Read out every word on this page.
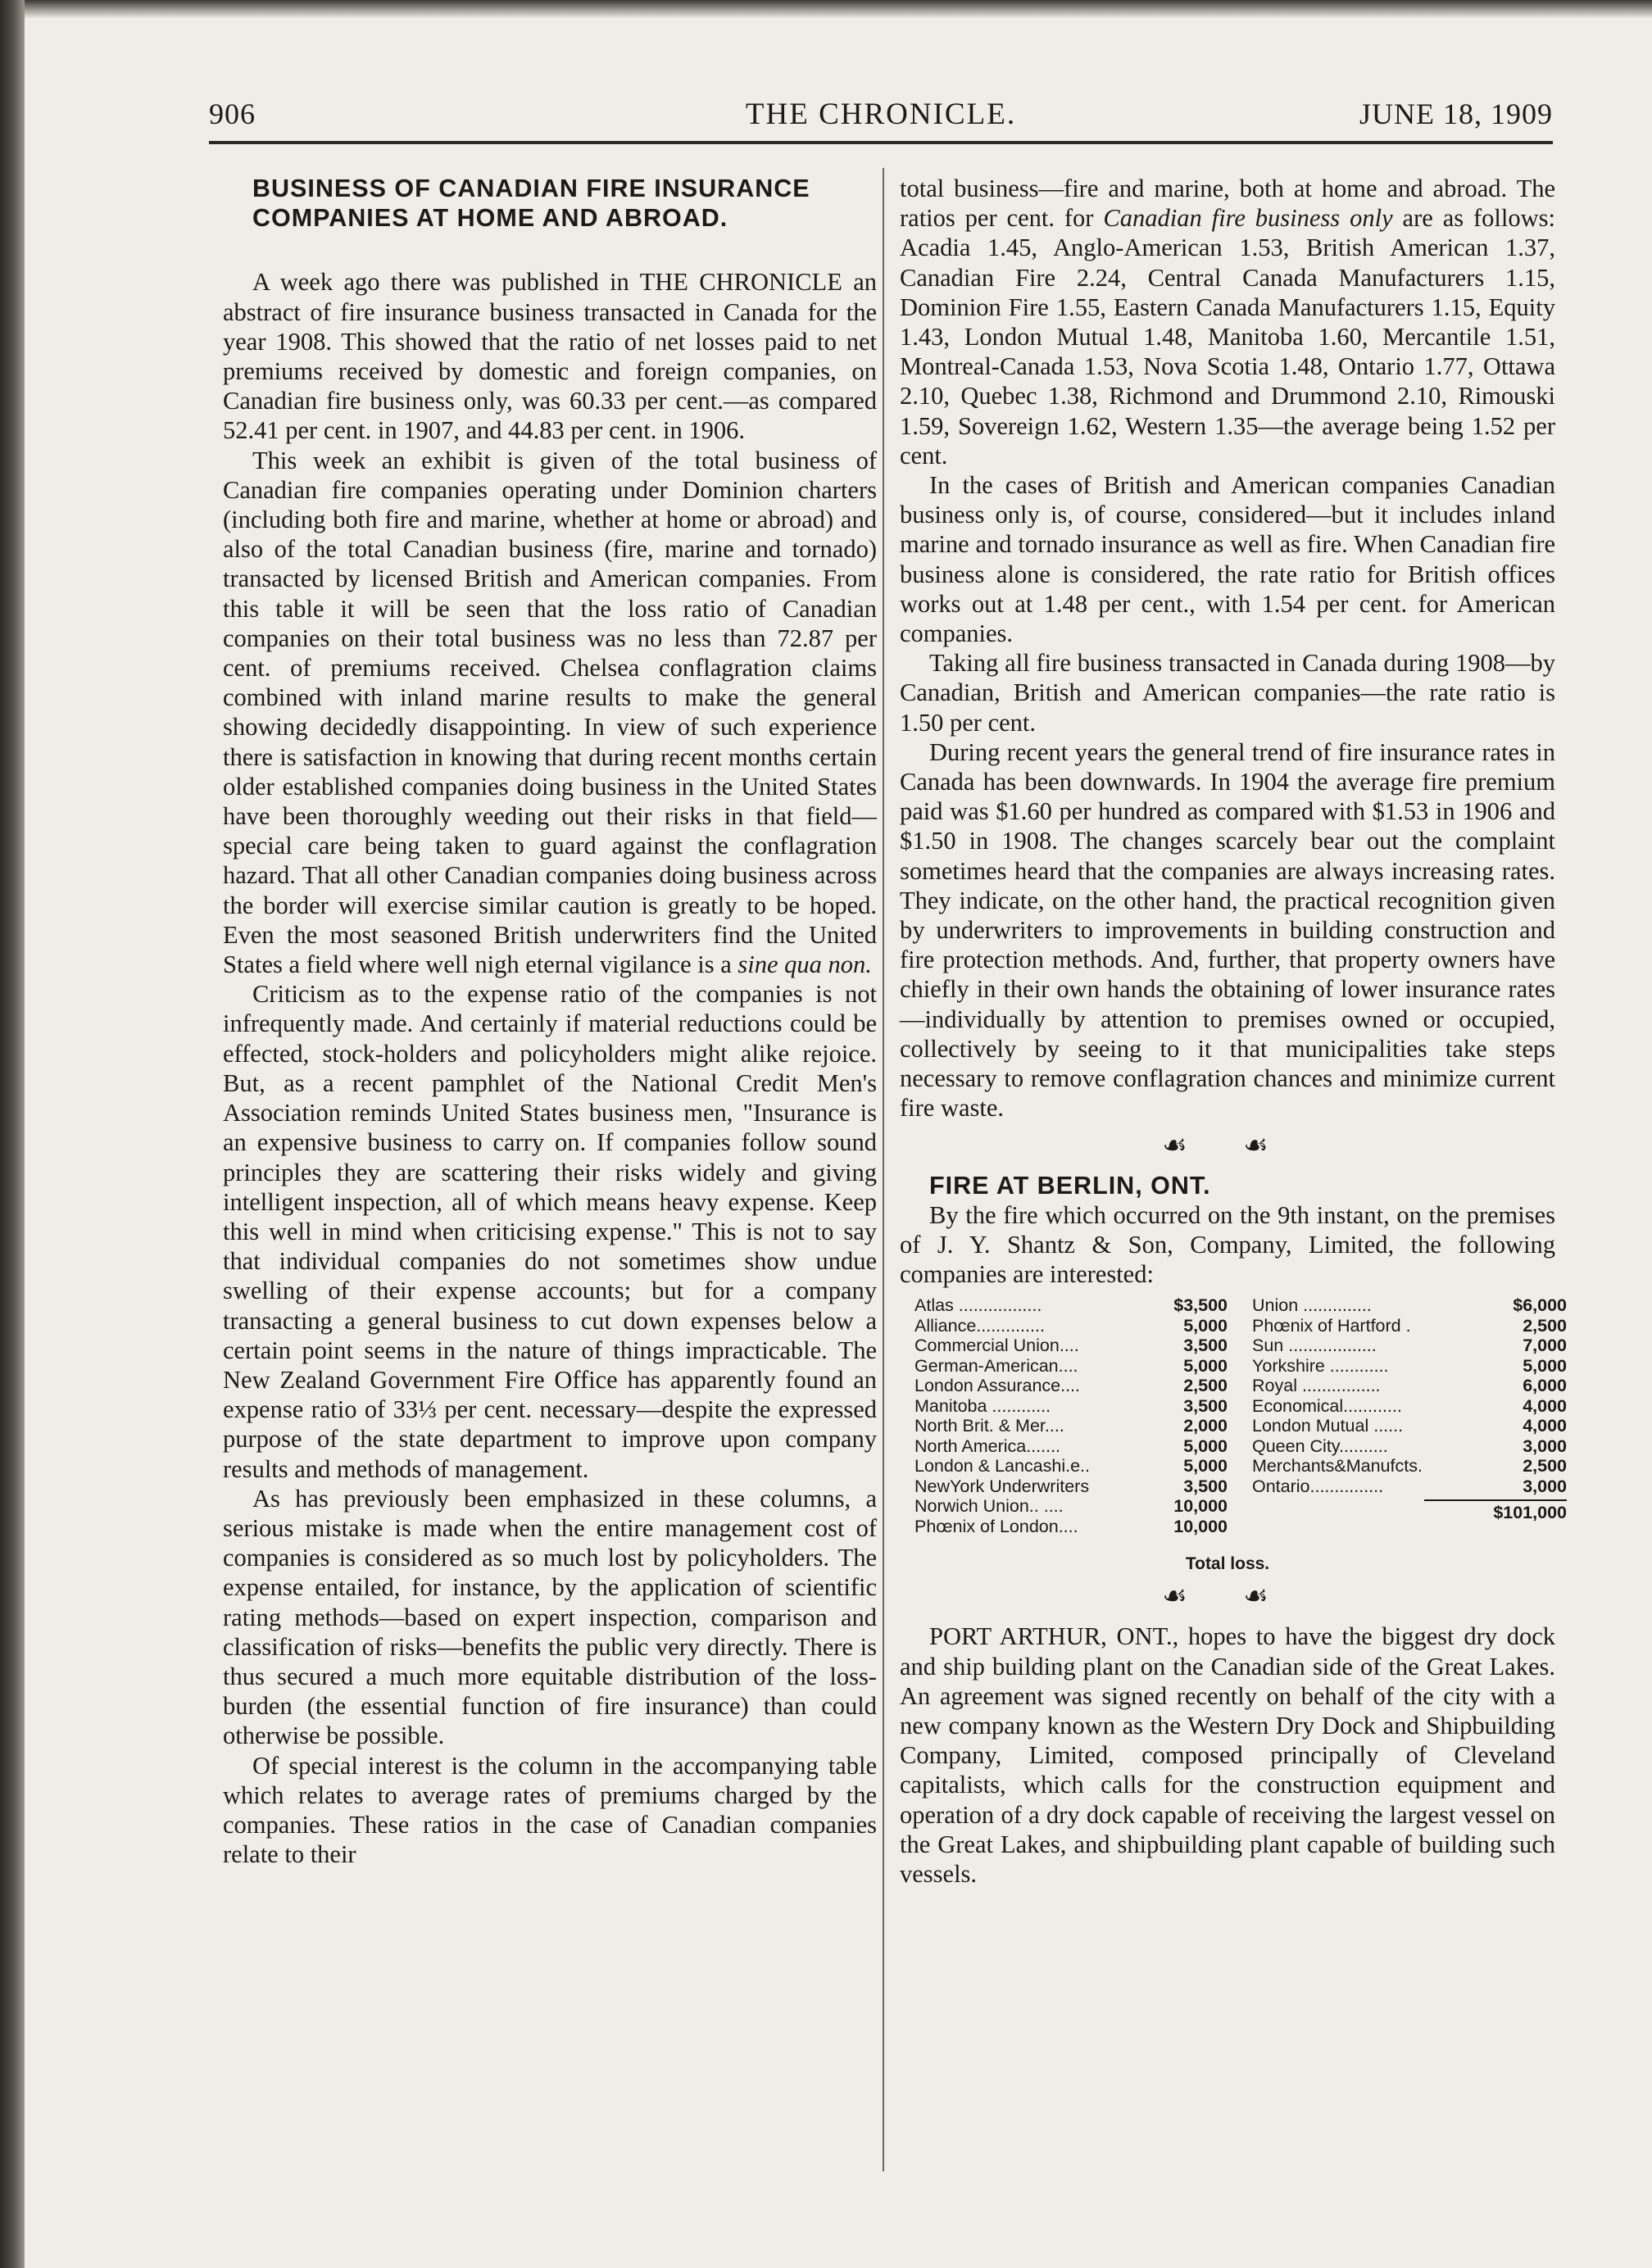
906	THE CHRONICLE.	JUNE 18, 1909

BUSINESS OF CANADIAN FIRE INSURANCE

COMPANIES AT HOME AND ABROAD.

A week ago there was published in THE CHRONICLE an abstract of fire insurance business transacted in Canada for the year 1908. This showed that the ratio of net losses paid to net premiums received by domestic and foreign companies, on Canadian fire business only, was 60.33 per cent.—as compared 52.41 per cent. in 1907, and 44.83 per cent. in 1906.

This week an exhibit is given of the total business of Canadian fire companies operating under Dominion charters (including both fire and marine, whether at home or abroad) and also of the total Canadian business (fire, marine and tornado) transacted by licensed British and American companies. From this table it will be seen that the loss ratio of Canadian companies on their total business was no less than 72.87 per cent. of premiums received. Chelsea conflagration claims combined with inland marine results to make the general showing decidedly disappointing. In view of such experience there is satisfaction in knowing that during recent months certain older established companies doing business in the United States have been thoroughly weeding out their risks in that field—special care being taken to guard against the conflagration hazard. That all other Canadian companies doing business across the border will exercise similar caution is greatly to be hoped. Even the most seasoned British underwriters find the United States a field where well nigh eternal vigilance is a sine qua non.

Criticism as to the expense ratio of the companies is not infrequently made. And certainly if material reductions could be effected, stock-holders and policyholders might alike rejoice. But, as a recent pamphlet of the National Credit Men's Association reminds United States business men, "Insurance is an expensive business to carry on. If companies follow sound principles they are scattering their risks widely and giving intelligent inspection, all of which means heavy expense. Keep this well in mind when criticising expense." This is not to say that individual companies do not sometimes show undue swelling of their expense accounts; but for a company transacting a general business to cut down expenses below a certain point seems in the nature of things impracticable. The New Zealand Government Fire Office has apparently found an expense ratio of 33⅓ per cent. necessary—despite the expressed purpose of the state department to improve upon company results and methods of management.

As has previously been emphasized in these columns, a serious mistake is made when the entire management cost of companies is considered as so much lost by policyholders. The expense entailed, for instance, by the application of scientific rating methods—based on expert inspection, comparison and classification of risks—benefits the public very directly. There is thus secured a much more equitable distribution of the loss-burden (the essential function of fire insurance) than could otherwise be possible.

Of special interest is the column in the accompanying table which relates to average rates of premiums charged by the companies. These ratios in the case of Canadian companies relate to their

total business—fire and marine, both at home and abroad. The ratios per cent. for Canadian fire business only are as follows: Acadia 1.45, Anglo-American 1.53, British American 1.37, Canadian Fire 2.24, Central Canada Manufacturers 1.15, Dominion Fire 1.55, Eastern Canada Manufacturers 1.15, Equity 1.43, London Mutual 1.48, Manitoba 1.60, Mercantile 1.51, Montreal-Canada 1.53, Nova Scotia 1.48, Ontario 1.77, Ottawa 2.10, Quebec 1.38, Richmond and Drummond 2.10, Rimouski 1.59, Sovereign 1.62, Western 1.35—the average being 1.52 per cent.

In the cases of British and American companies Canadian business only is, of course, considered—but it includes inland marine and tornado insurance as well as fire. When Canadian fire business alone is considered, the rate ratio for British offices works out at 1.48 per cent., with 1.54 per cent. for American companies.

Taking all fire business transacted in Canada during 1908—by Canadian, British and American companies—the rate ratio is 1.50 per cent.

During recent years the general trend of fire insurance rates in Canada has been downwards. In 1904 the average fire premium paid was $1.60 per hundred as compared with $1.53 in 1906 and $1.50 in 1908. The changes scarcely bear out the complaint sometimes heard that the companies are always increasing rates. They indicate, on the other hand, the practical recognition given by underwriters to improvements in building construction and fire protection methods. And, further, that property owners have chiefly in their own hands the obtaining of lower insurance rates—individually by attention to premises owned or occupied, collectively by seeing to it that municipalities take steps necessary to remove conflagration chances and minimize current fire waste.

☙ ☙

FIRE AT BERLIN, ONT.

By the fire which occurred on the 9th instant, on the premises of J. Y. Shantz & Son, Company, Limited, the following companies are interested:

Atlas .................	$3,500
Alliance..............	5,000
Commercial Union....	3,500
German-American....	5,000
London Assurance....	2,500
Manitoba ............	3,500
North Brit. & Mer....	2,000
North America.......	5,000
London & Lancashi.e..	5,000
NewYork Underwriters	3,500
Norwich Union.. ....	10,000
Phœnix of London....	10,000
Union ..............	$6,000
Phœnix of Hartford .	2,500
Sun ..................	7,000
Yorkshire ............	5,000
Royal ................	6,000
Economical............	4,000
London Mutual ......	4,000
Queen City..........	3,000
Merchants&Manufcts.	2,500
Ontario...............	3,000
$101,000
Total loss.
☙ ☙

PORT ARTHUR, ONT., hopes to have the biggest dry dock and ship building plant on the Canadian side of the Great Lakes. An agreement was signed recently on behalf of the city with a new company known as the Western Dry Dock and Shipbuilding Company, Limited, composed principally of Cleveland capitalists, which calls for the construction equipment and operation of a dry dock capable of receiving the largest vessel on the Great Lakes, and shipbuilding plant capable of building such vessels.
